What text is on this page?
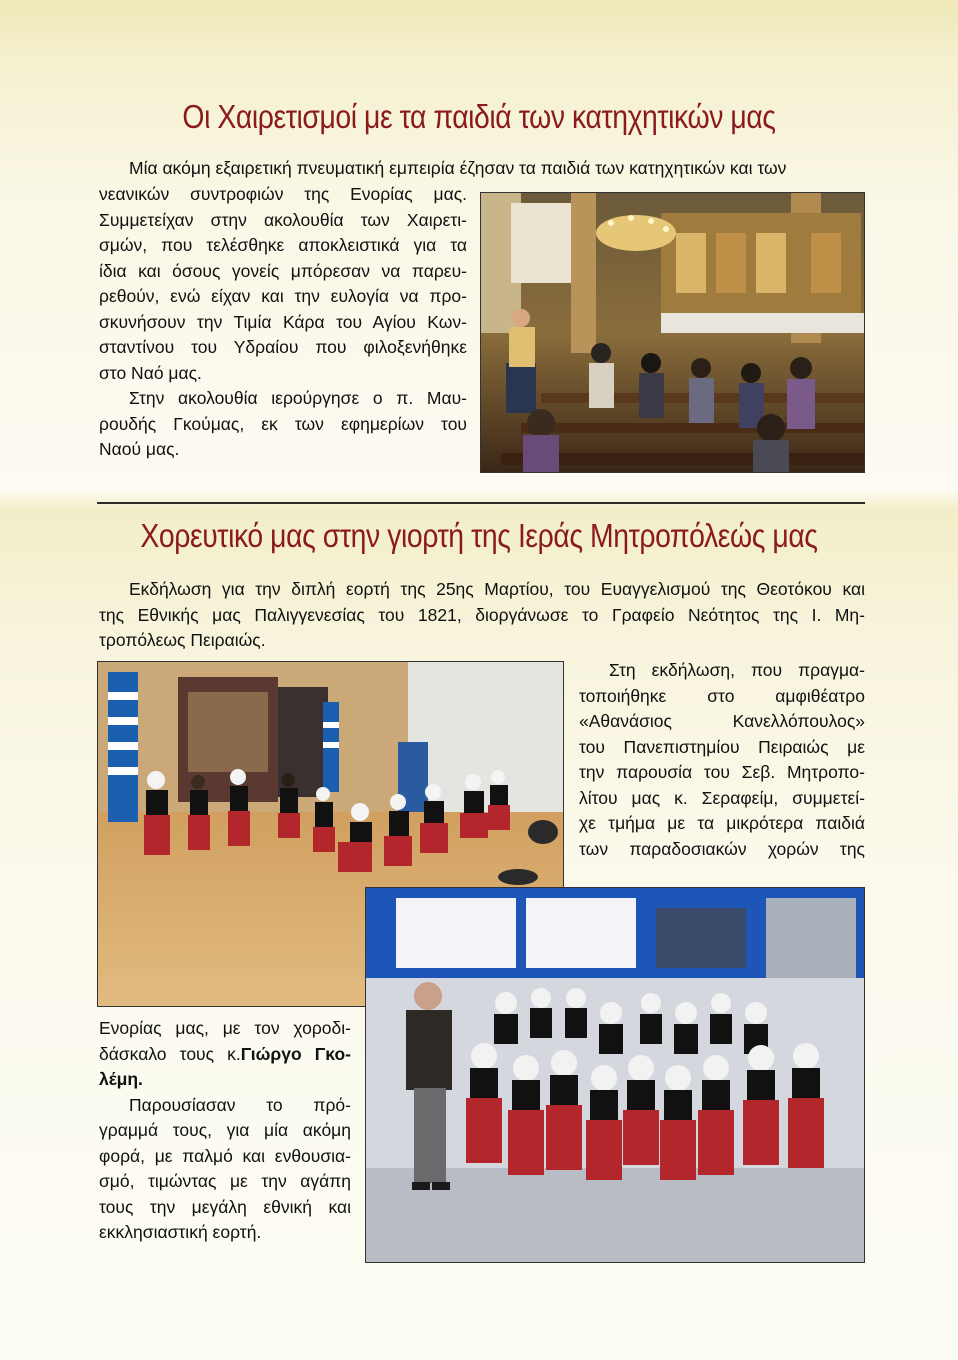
Οι Χαιρετισμοί με τα παιδιά των κατηχητικών μας

Μία ακόμη εξαιρετική πνευματική εμπειρία έζησαν τα παιδιά των κατηχητικών και των

νεανικών συντροφιών της Ενορίας μας.
Συμμετείχαν στην ακολουθία των Χαιρετι-
σμών, που τελέσθηκε αποκλειστικά για τα
ίδια και όσους γονείς μπόρεσαν να παρευ-
ρεθούν, ενώ είχαν και την ευλογία να προ-
σκυνήσουν την Τιμία Κάρα του Αγίου Κων-
σταντίνου του Υδραίου που φιλοξενήθηκε
στο Ναό μας.
Στην ακολουθία ιερούργησε ο π. Μαυ-
ρουδής Γκούμας, εκ των εφημερίων του
Ναού μας.
Χορευτικό μας στην γιορτή της Ιεράς Μητροπόλεώς μας
Εκδήλωση για την διπλή εορτή της 25ης Μαρτίου, του Ευαγγελισμού της Θεοτόκου και
της Εθνικής μας Παλιγγενεσίας του 1821, διοργάνωσε το Γραφείο Νεότητος της Ι. Μη-
τροπόλεως Πειραιώς.
Στη εκδήλωση, που πραγμα-
τοποιήθηκε στο αμφιθέατρο
«Αθανάσιος Κανελλόπουλος»
του Πανεπιστημίου Πειραιώς με
την παρουσία του Σεβ. Μητροπο-
λίτου μας κ. Σεραφείμ, συμμετεί-
χε τμήμα με τα μικρότερα παιδιά
των παραδοσιακών χορών της
Ενορίας μας, με τον χοροδι-
δάσκαλο τους κ.Γιώργο Γκο-
λέμη.
Παρουσίασαν το πρό-
γραμμά τους, για μία ακόμη
φορά, με παλμό και ενθουσια-
σμό, τιμώντας με την αγάπη
τους την μεγάλη εθνική και
εκκλησιαστική εορτή.
